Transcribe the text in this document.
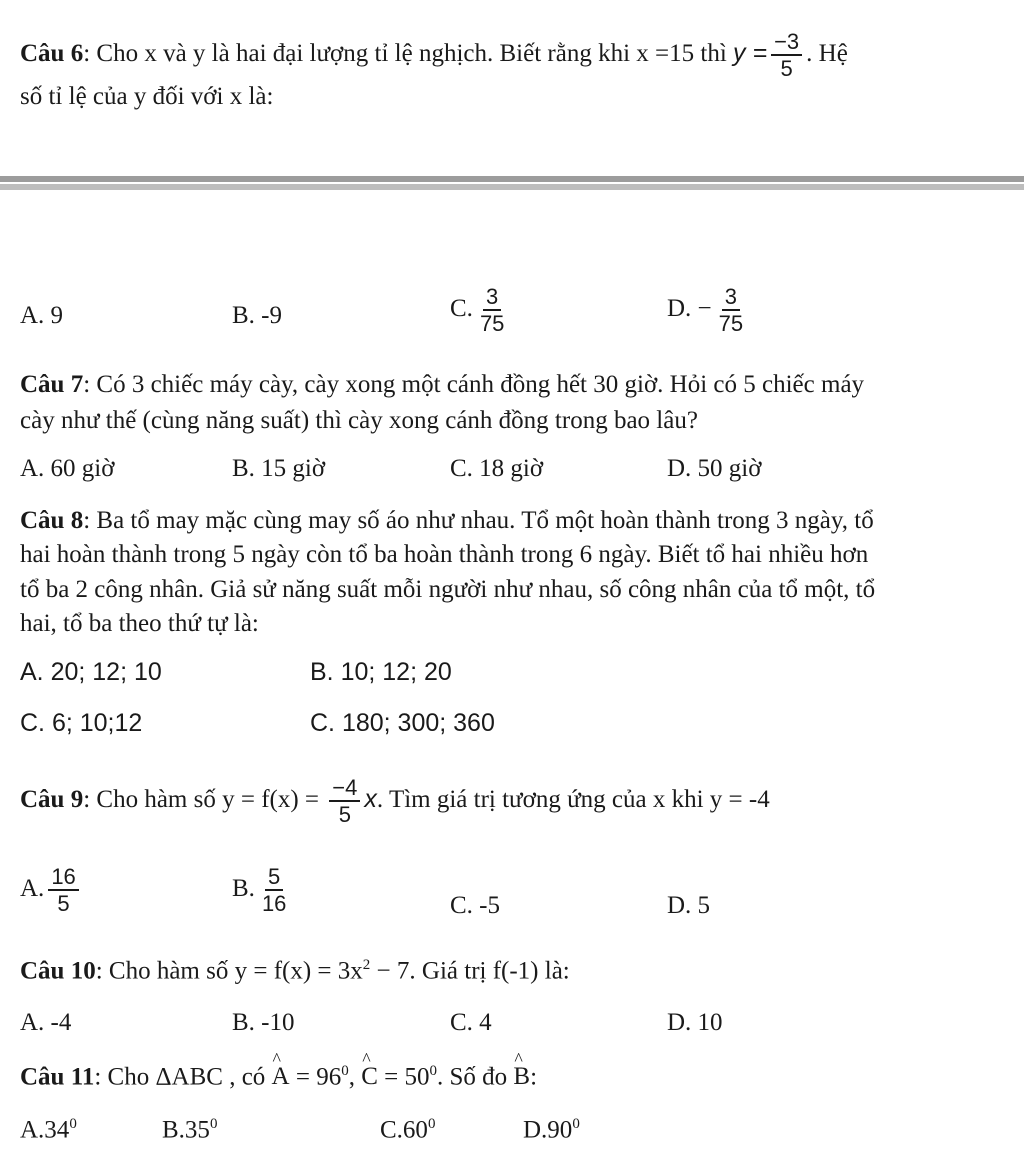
Câu 6: Cho x và y là hai đại lượng tỉ lệ nghịch. Biết rằng khi x =15 thì $y = \frac{-3}{5}$ . Hệ
số tỉ lệ của y đối với x là:
A. 9	B. -9	C. $\frac{3}{75}$	D. − $\frac{3}{75}$
Câu 7: Có 3 chiếc máy cày, cày xong một cánh đồng hết 30 giờ. Hỏi có 5 chiếc máy
cày như thế (cùng năng suất) thì cày xong cánh đồng trong bao lâu?
A. 60 giờ	B. 15 giờ	C. 18 giờ	D. 50 giờ
Câu 8: Ba tổ may mặc cùng may số áo như nhau. Tổ một hoàn thành trong 3 ngày, tổ
hai hoàn thành trong 5 ngày còn tổ ba hoàn thành trong 6 ngày. Biết tổ hai nhiều hơn
tổ ba 2 công nhân. Giả sử năng suất mỗi người như nhau, số công nhân của tổ một, tổ
hai, tổ ba theo thứ tự là:
A. 20; 12; 10	B. 10; 12; 20
C. 6; 10;12	C. 180; 300; 360
Câu 9: Cho hàm số $y = f(x) = \frac{-4}{5} x$. Tìm giá trị tương ứng của x khi y = -4
A. $\frac{16}{5}$	B. $\frac{5}{16}$	C. -5	D. 5
Câu 10: Cho hàm số $y = f(x) = 3x^2 - 7$. Giá trị f(-1) là:
A. -4	B. -10	C. 4	D. 10
Câu 11: Cho ΔABC , có ^ $A = 96^0$, ^ $C = 50^0$. Số đo ^ B:
$A.34^0$	$B.35^0$	$C.60^0$	$D.90^0$
